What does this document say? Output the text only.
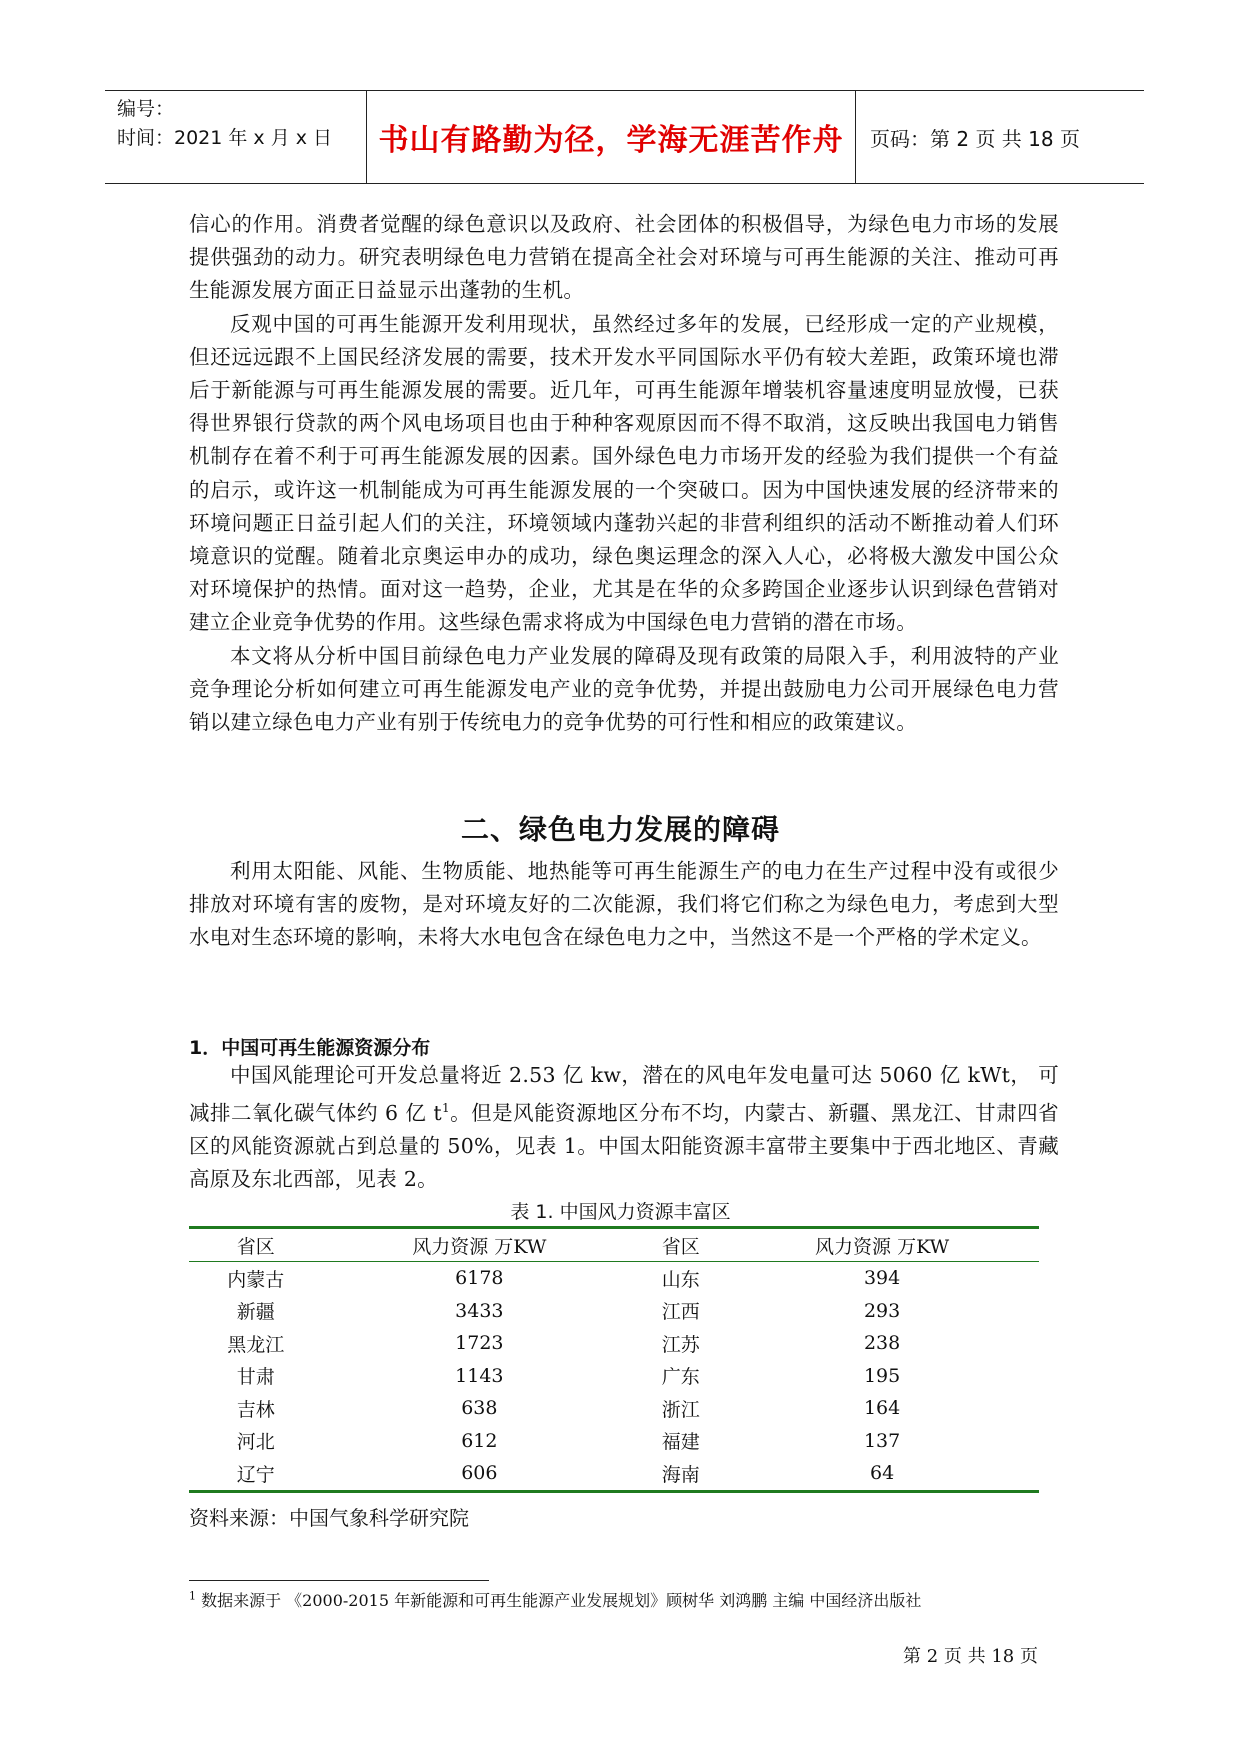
编号：
时间：2021 年 x 月 x 日	书山有路勤为径，学海无涯苦作舟	页码：第 2 页 共 18 页

信心的作用。消费者觉醒的绿色意识以及政府、社会团体的积极倡导，为绿色电力市场的发展提供强劲的动力。研究表明绿色电力营销在提高全社会对环境与可再生能源的关注、推动可再生能源发展方面正日益显示出蓬勃的生机。

反观中国的可再生能源开发利用现状，虽然经过多年的发展，已经形成一定的产业规模，但还远远跟不上国民经济发展的需要，技术开发水平同国际水平仍有较大差距，政策环境也滞后于新能源与可再生能源发展的需要。近几年，可再生能源年增装机容量速度明显放慢，已获得世界银行贷款的两个风电场项目也由于种种客观原因而不得不取消，这反映出我国电力销售机制存在着不利于可再生能源发展的因素。国外绿色电力市场开发的经验为我们提供一个有益的启示，或许这一机制能成为可再生能源发展的一个突破口。因为中国快速发展的经济带来的环境问题正日益引起人们的关注，环境领域内蓬勃兴起的非营利组织的活动不断推动着人们环境意识的觉醒。随着北京奥运申办的成功，绿色奥运理念的深入人心，必将极大激发中国公众对环境保护的热情。面对这一趋势，企业，尤其是在华的众多跨国企业逐步认识到绿色营销对建立企业竞争优势的作用。这些绿色需求将成为中国绿色电力营销的潜在市场。

本文将从分析中国目前绿色电力产业发展的障碍及现有政策的局限入手，利用波特的产业竞争理论分析如何建立可再生能源发电产业的竞争优势，并提出鼓励电力公司开展绿色电力营销以建立绿色电力产业有别于传统电力的竞争优势的可行性和相应的政策建议。

二、绿色电力发展的障碍

利用太阳能、风能、生物质能、地热能等可再生能源生产的电力在生产过程中没有或很少排放对环境有害的废物，是对环境友好的二次能源，我们将它们称之为绿色电力，考虑到大型水电对生态环境的影响，未将大水电包含在绿色电力之中，当然这不是一个严格的学术定义。

1．中国可再生能源资源分布

中国风能理论可开发总量将近 2.53 亿 kw，潜在的风电年发电量可达 5060 亿 kWt， 可减排二氧化碳气体约 6 亿 $t^1$。但是风能资源地区分布不均，内蒙古、新疆、黑龙江、甘肃四省区的风能资源就占到总量的 50%，见表 1。中国太阳能资源丰富带主要集中于西北地区、青藏高原及东北西部，见表 2。

表 1. 中国风力资源丰富区
省区	风力资源 万KW	省区	风力资源 万KW
内蒙古	6178	山东	394
新疆	3433	江西	293
黑龙江	1723	江苏	238
甘肃	1143	广东	195
吉林	638	浙江	164
河北	612	福建	137
辽宁	606	海南	64
资料来源：中国气象科学研究院
$^1$ 数据来源于 《2000-2015 年新能源和可再生能源产业发展规划》顾树华 刘鸿鹏 主编 中国经济出版社
第 2 页 共 18 页
